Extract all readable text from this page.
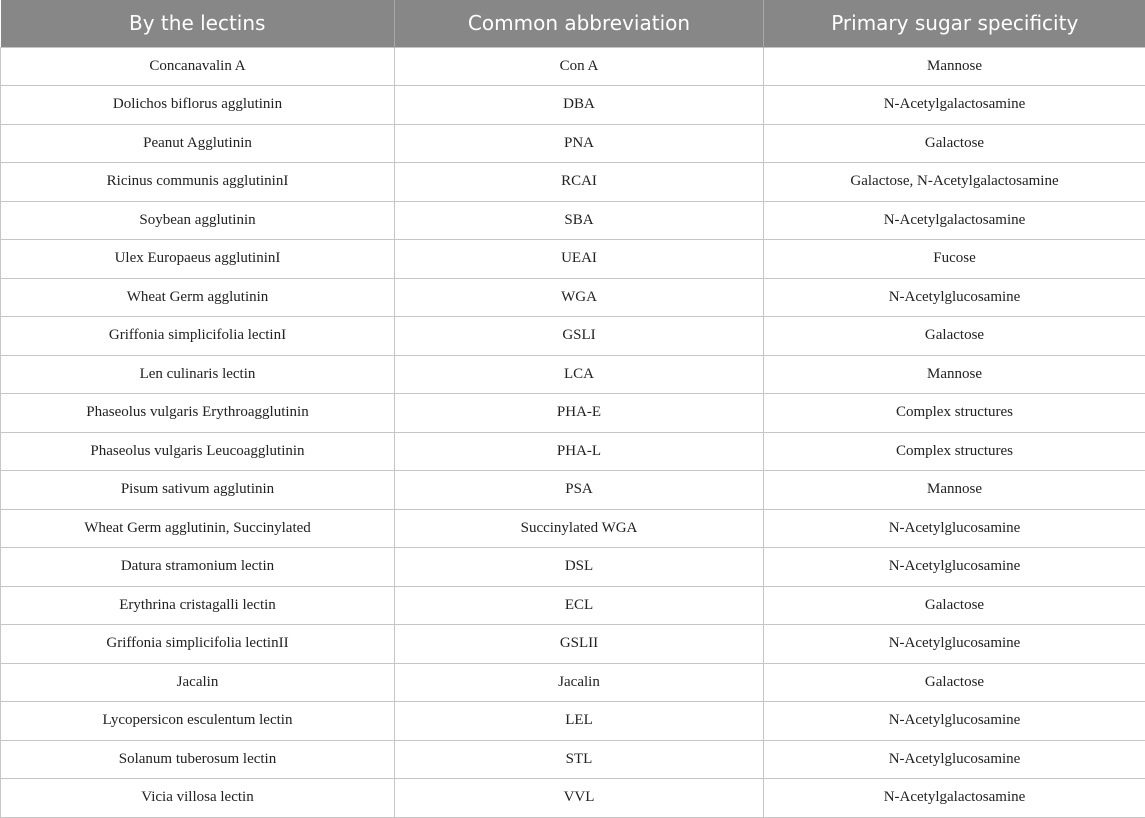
By the lectins	Common abbreviation	Primary sugar specificity
Concanavalin A	Con A	Mannose
Dolichos biflorus agglutinin	DBA	N-Acetylgalactosamine
Peanut Agglutinin	PNA	Galactose
Ricinus communis agglutininI	RCAI	Galactose, N-Acetylgalactosamine
Soybean agglutinin	SBA	N-Acetylgalactosamine
Ulex Europaeus agglutininI	UEAI	Fucose
Wheat Germ agglutinin	WGA	N-Acetylglucosamine
Griffonia simplicifolia lectinI	GSLI	Galactose
Len culinaris lectin	LCA	Mannose
Phaseolus vulgaris Erythroagglutinin	PHA-E	Complex structures
Phaseolus vulgaris Leucoagglutinin	PHA-L	Complex structures
Pisum sativum agglutinin	PSA	Mannose
Wheat Germ agglutinin, Succinylated	Succinylated WGA	N-Acetylglucosamine
Datura stramonium lectin	DSL	N-Acetylglucosamine
Erythrina cristagalli lectin	ECL	Galactose
Griffonia simplicifolia lectinII	GSLII	N-Acetylglucosamine
Jacalin	Jacalin	Galactose
Lycopersicon esculentum lectin	LEL	N-Acetylglucosamine
Solanum tuberosum lectin	STL	N-Acetylglucosamine
Vicia villosa lectin	VVL	N-Acetylgalactosamine
